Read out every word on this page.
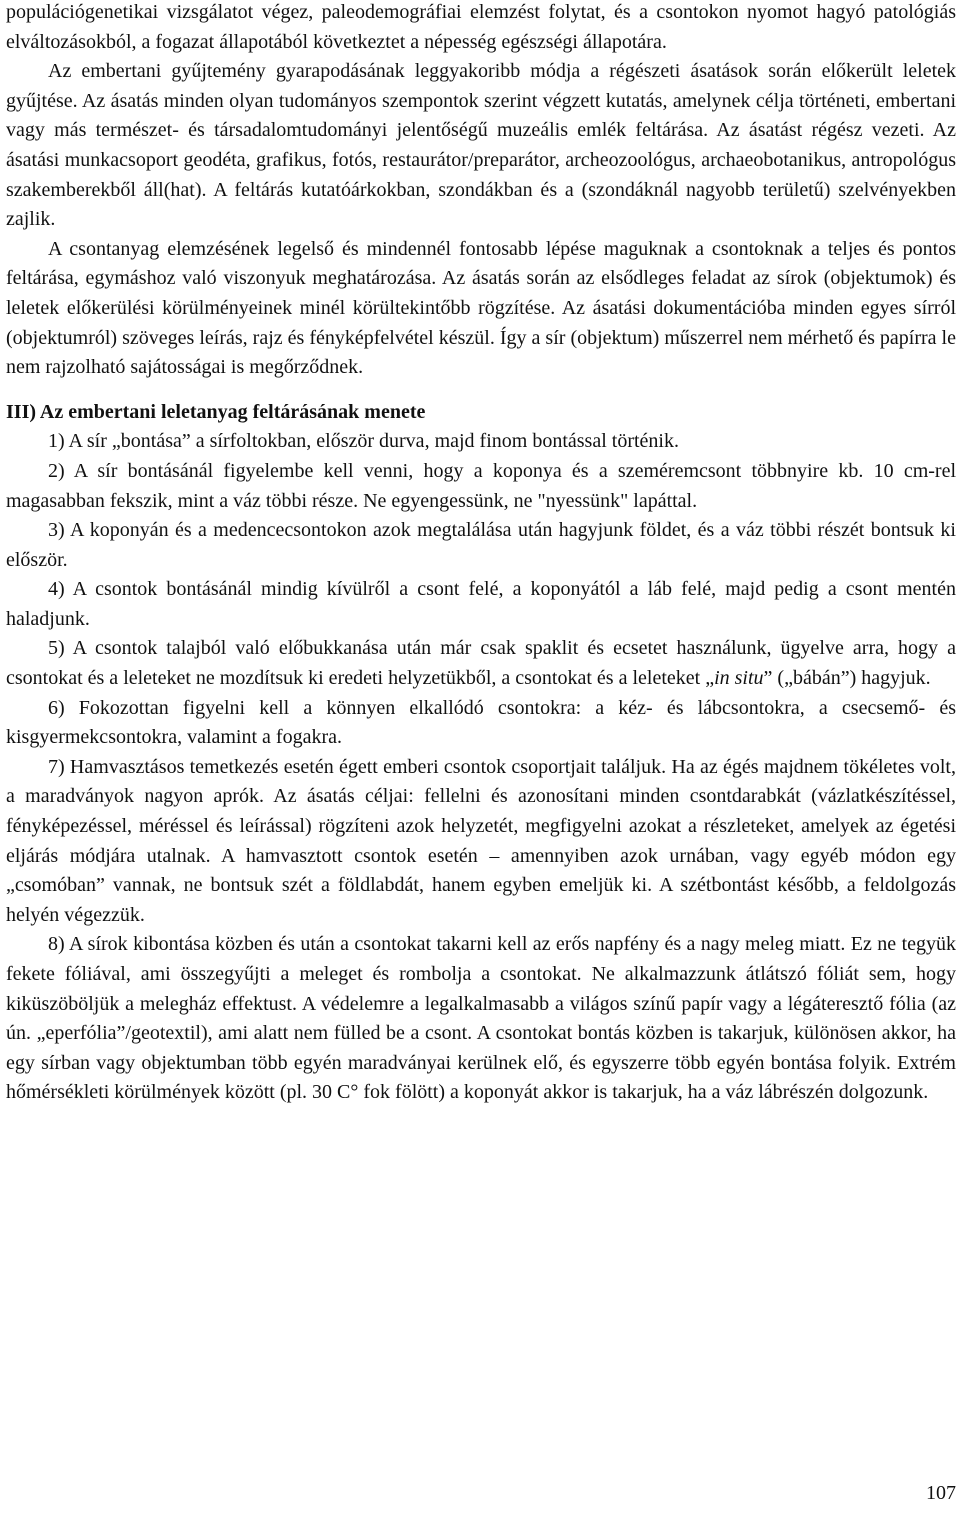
populációgenetikai vizsgálatot végez, paleodemográfiai elemzést folytat, és a csontokon nyomot hagyó patológiás elváltozásokból, a fogazat állapotából következtet a népesség egészségi állapotára.

Az embertani gyűjtemény gyarapodásának leggyakoribb módja a régészeti ásatások során előkerült leletek gyűjtése. Az ásatás minden olyan tudományos szempontok szerint végzett kutatás, amelynek célja történeti, embertani vagy más természet- és társadalomtudományi jelentőségű muzeális emlék feltárása. Az ásatást régész vezeti. Az ásatási munkacsoport geodéta, grafikus, fotós, restaurátor/preparátor, archeozoológus, archaeobotanikus, antropológus szakemberekből áll(hat). A feltárás kutatóárkokban, szondákban és a (szondáknál nagyobb területű) szelvényekben zajlik.

A csontanyag elemzésének legelső és mindennél fontosabb lépése maguknak a csontoknak a teljes és pontos feltárása, egymáshoz való viszonyuk meghatározása. Az ásatás során az elsődleges feladat az sírok (objektumok) és leletek előkerülési körülményeinek minél körültekintőbb rögzítése. Az ásatási dokumentációba minden egyes sírról (objektumról) szöveges leírás, rajz és fényképfelvétel készül. Így a sír (objektum) műszerrel nem mérhető és papírra le nem rajzolható sajátosságai is megőrződnek.

III) Az embertani leletanyag feltárásának menete

1) A sír „bontása” a sírfoltokban, először durva, majd finom bontással történik.

2) A sír bontásánál figyelembe kell venni, hogy a koponya és a szeméremcsont többnyire kb. 10 cm-rel magasabban fekszik, mint a váz többi része. Ne egyengessünk, ne "nyessünk" lapáttal.

3) A koponyán és a medencecsontokon azok megtalálása után hagyjunk földet, és a váz többi részét bontsuk ki először.

4) A csontok bontásánál mindig kívülről a csont felé, a koponyától a láb felé, majd pedig a csont mentén haladjunk.

5) A csontok talajból való előbukkanása után már csak spaklit és ecsetet használunk, ügyelve arra, hogy a csontokat és a leleteket ne mozdítsuk ki eredeti helyzetükből, a csontokat és a leleteket „in situ” („bábán”) hagyjuk.

6) Fokozottan figyelni kell a könnyen elkallódó csontokra: a kéz- és lábcsontokra, a csecsemő- és kisgyermekcsontokra, valamint a fogakra.

7) Hamvasztásos temetkezés esetén égett emberi csontok csoportjait találjuk. Ha az égés majdnem tökéletes volt, a maradványok nagyon aprók. Az ásatás céljai: fellelni és azonosítani minden csontdarabkát (vázlatkészítéssel, fényképezéssel, méréssel és leírással) rögzíteni azok helyzetét, megfigyelni azokat a részleteket, amelyek az égetési eljárás módjára utalnak. A hamvasztott csontok esetén – amennyiben azok urnában, vagy egyéb módon egy „csomóban” vannak, ne bontsuk szét a földlabdát, hanem egyben emeljük ki. A szétbontást később, a feldolgozás helyén végezzük.

8) A sírok kibontása közben és után a csontokat takarni kell az erős napfény és a nagy meleg miatt. Ez ne tegyük fekete fóliával, ami összegyűjti a meleget és rombolja a csontokat. Ne alkalmazzunk átlátszó fóliát sem, hogy kiküszöböljük a melegház effektust. A védelemre a legalkalmasabb a világos színű papír vagy a légáteresztő fólia (az ún. „eperfólia”/geotextil), ami alatt nem fülled be a csont. A csontokat bontás közben is takarjuk, különösen akkor, ha egy sírban vagy objektumban több egyén maradványai kerülnek elő, és egyszerre több egyén bontása folyik. Extrém hőmérsékleti körülmények között (pl. 30 C° fok fölött) a koponyát akkor is takarjuk, ha a váz lábrészén dolgozunk.

107
